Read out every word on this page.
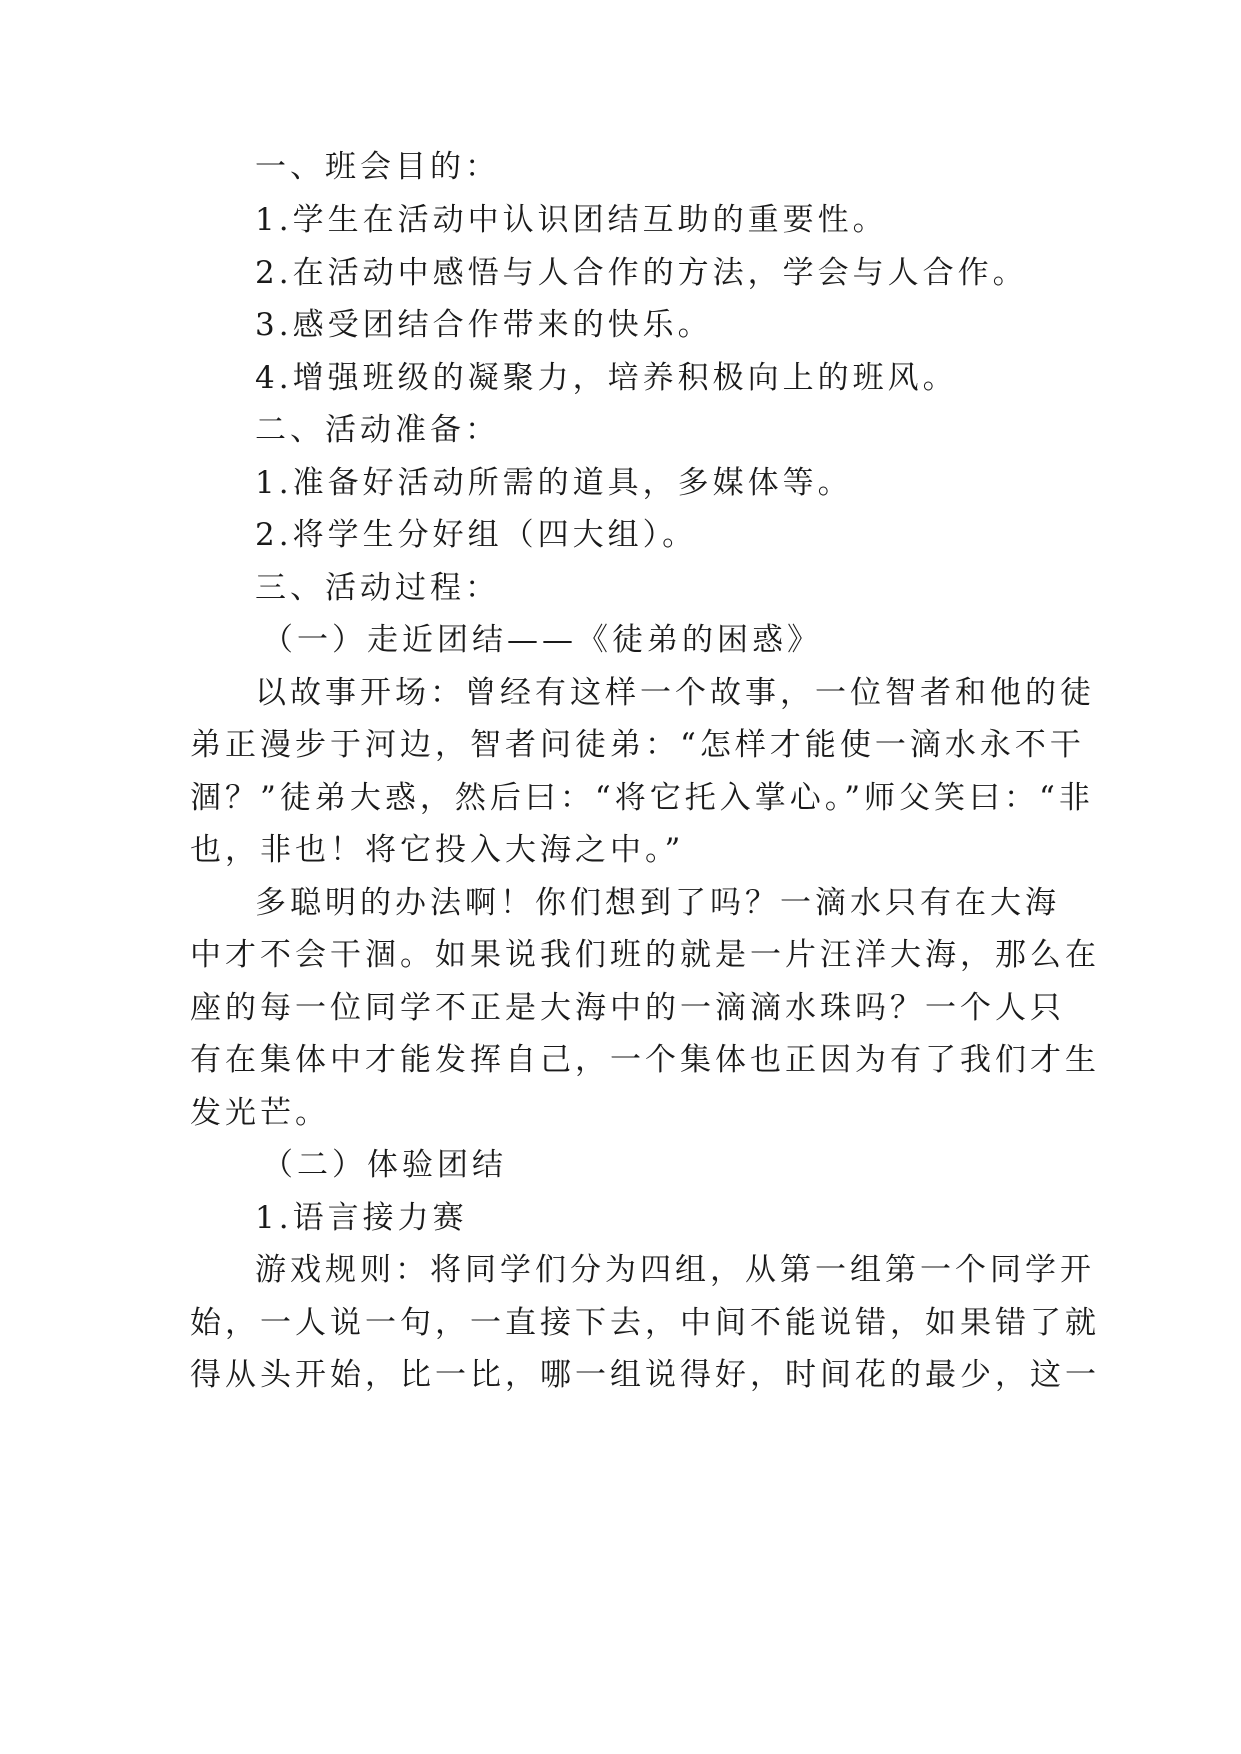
一、班会目的：
1.学生在活动中认识团结互助的重要性。
2.在活动中感悟与人合作的方法，学会与人合作。
3.感受团结合作带来的快乐。
4.增强班级的凝聚力，培养积极向上的班风。
二、活动准备：
1.准备好活动所需的道具，多媒体等。
2.将学生分好组（四大组）。
三、活动过程：
（一）走近团结——《徒弟的困惑》
以故事开场：曾经有这样一个故事，一位智者和他的徒
弟正漫步于河边，智者问徒弟：“怎样才能使一滴水永不干
涸？”徒弟大惑，然后曰：“将它托入掌心。”师父笑曰：“非
也，非也！将它投入大海之中。”
多聪明的办法啊！你们想到了吗？一滴水只有在大海
中才不会干涸。如果说我们班的就是一片汪洋大海，那么在
座的每一位同学不正是大海中的一滴滴水珠吗？一个人只
有在集体中才能发挥自己，一个集体也正因为有了我们才生
发光芒。
（二）体验团结
1.语言接力赛
游戏规则：将同学们分为四组，从第一组第一个同学开
始，一人说一句，一直接下去，中间不能说错，如果错了就
得从头开始，比一比，哪一组说得好，时间花的最少，这一
